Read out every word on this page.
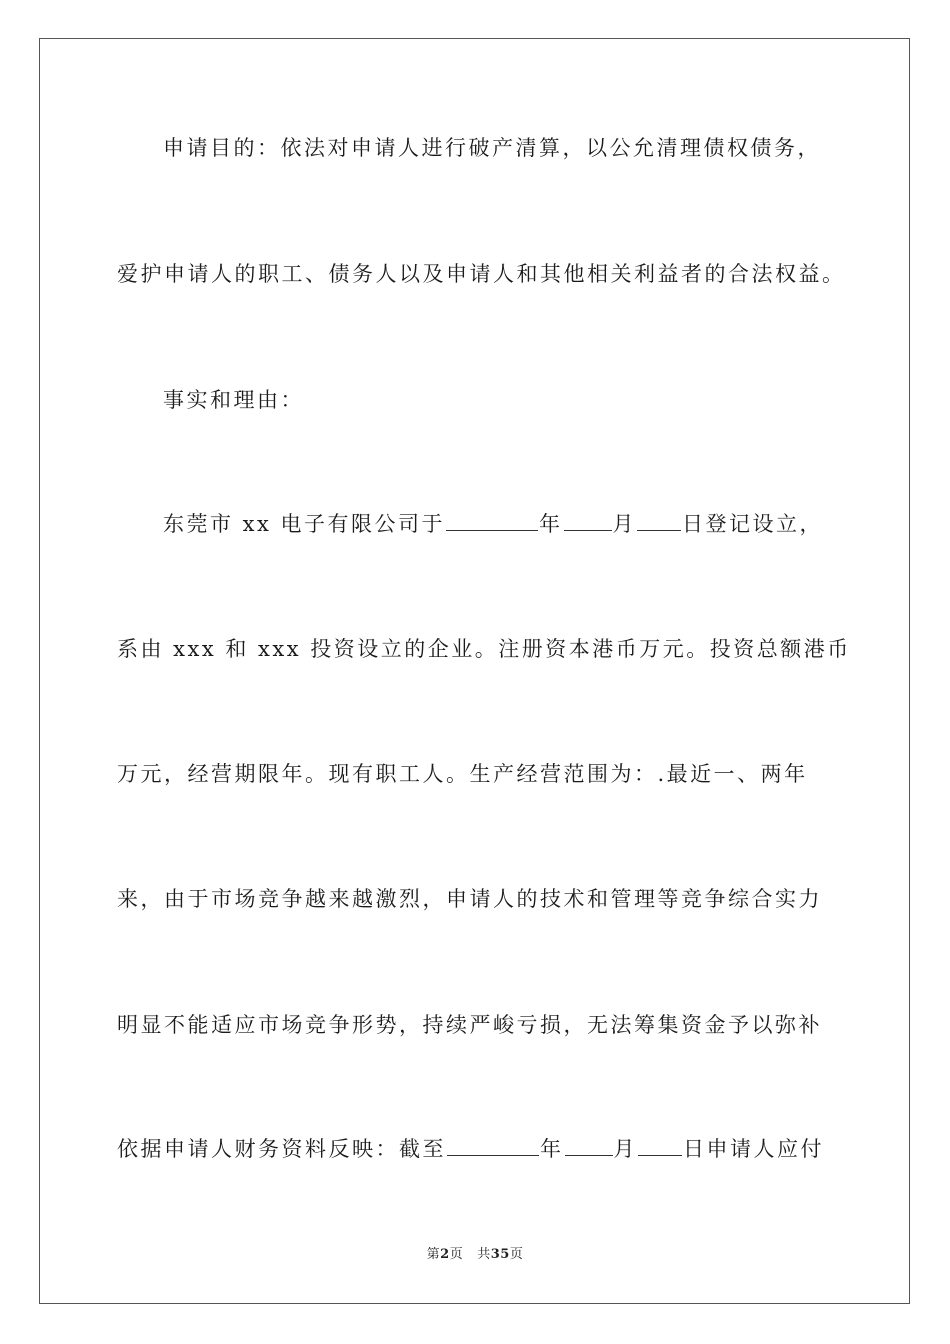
申请目的：依法对申请人进行破产清算，以公允清理债权债务，
爱护申请人的职工、债务人以及申请人和其他相关利益者的合法权益。
事实和理由：
东莞市 xx 电子有限公司于	年 月 日登记设立，
系由 xxx 和 xxx 投资设立的企业。注册资本港币万元。投资总额港币
万元，经营期限年。现有职工人。生产经营范围为：.最近一、两年
来，由于市场竞争越来越激烈，申请人的技术和管理等竞争综合实力
明显不能适应市场竞争形势，持续严峻亏损，无法筹集资金予以弥补
依据申请人财务资料反映：截至	年 月 日申请人应付
第2页 共35页
